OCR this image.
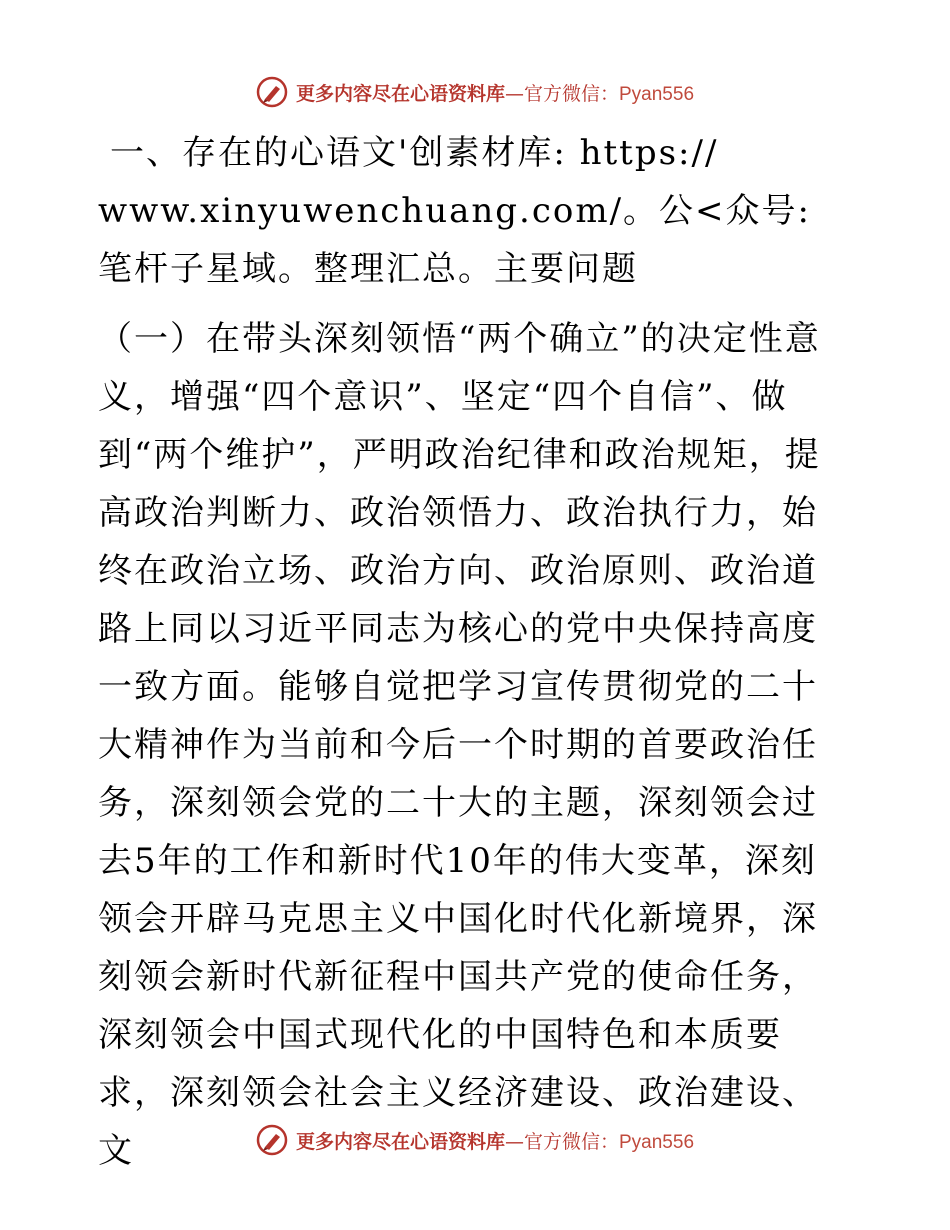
更多内容尽在心语资料库—官方微信：Pyan556

一、存在的心语文'创素材库: https:// www.xinyuwenchuang.com/。公<众号: 笔杆子星域。整理汇总。主要问题

（一）在带头深刻领悟“两个确立”的决定性意义，增强“四个意识”、坚定“四个自信”、做到“两个维护”，严明政治纪律和政治规矩，提高政治判断力、政治领悟力、政治执行力，始终在政治立场、政治方向、政治原则、政治道路上同以习近平同志为核心的党中央保持高度一致方面。能够自觉把学习宣传贯彻党的二十大精神作为当前和今后一个时期的首要政治任务，深刻领会党的二十大的主题，深刻领会过去5年的工作和新时代10年的伟大变革，深刻领会开辟马克思主义中国化时代化新境界，深刻领会新时代新征程中国共产党的使命任务，深刻领会中国式现代化的中国特色和本质要求，深刻领会社会主义经济建设、政治建设、文	更多内容尽在心语资料库—官方微信：Pyan556
